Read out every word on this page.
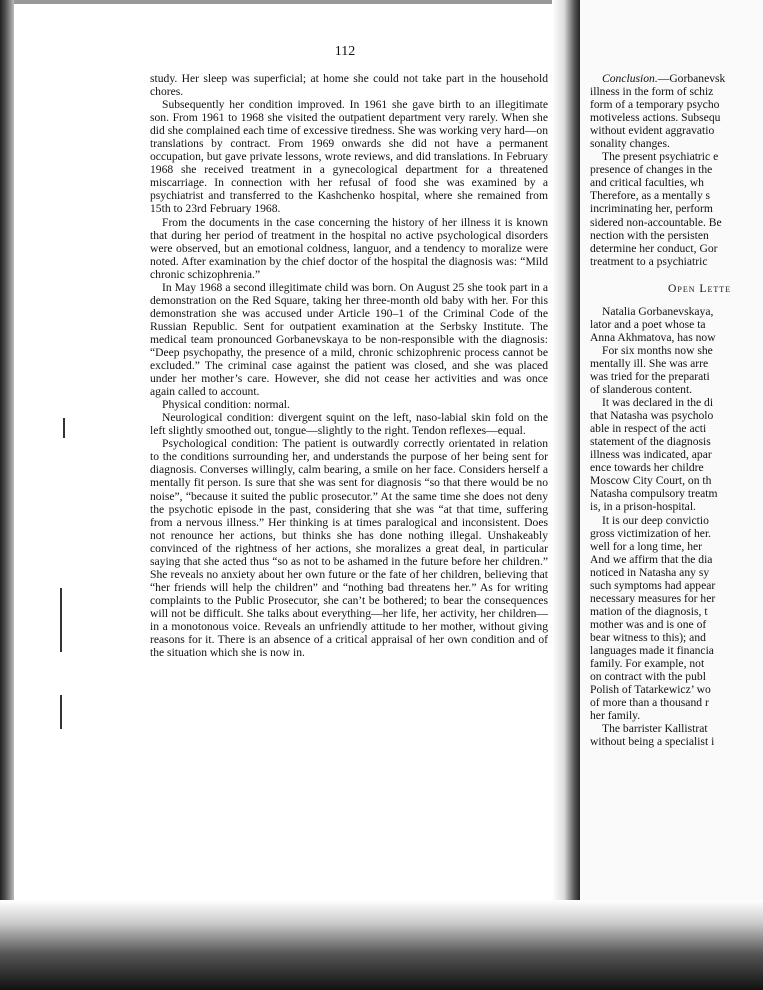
112

study. Her sleep was superficial; at home she could not take part in the household chores.

Subsequently her condition improved. In 1961 she gave birth to an illegitimate son. From 1961 to 1968 she visited the outpatient department very rarely. When she did she complained each time of excessive tiredness. She was working very hard—on translations by contract. From 1969 onwards she did not have a permanent occupation, but gave private lessons, wrote reviews, and did translations. In February 1968 she received treatment in a gynecological department for a threatened miscarriage. In connection with her refusal of food she was examined by a psychiatrist and transferred to the Kashchenko hospital, where she remained from 15th to 23rd February 1968.

From the documents in the case concerning the history of her illness it is known that during her period of treatment in the hospital no active psychological disorders were observed, but an emotional coldness, languor, and a tendency to moralize were noted. After examination by the chief doctor of the hospital the diagnosis was: “Mild chronic schizophrenia.”

In May 1968 a second illegitimate child was born. On August 25 she took part in a demonstration on the Red Square, taking her three-month old baby with her. For this demonstration she was accused under Article 190–1 of the Criminal Code of the Russian Republic. Sent for outpatient examination at the Serbsky Institute. The medical team pronounced Gorbanevskaya to be non-responsible with the diagnosis: “Deep psychopathy, the presence of a mild, chronic schizophrenic process cannot be excluded.” The criminal case against the patient was closed, and she was placed under her mother’s care. However, she did not cease her activities and was once again called to account.

Physical condition: normal.

Neurological condition: divergent squint on the left, naso-labial skin fold on the left slightly smoothed out, tongue—slightly to the right. Tendon reflexes—equal.

Psychological condition: The patient is outwardly correctly orientated in relation to the conditions surrounding her, and understands the purpose of her being sent for diagnosis. Converses willingly, calm bearing, a smile on her face. Considers herself a mentally fit person. Is sure that she was sent for diagnosis “so that there would be no noise”, “because it suited the public prosecutor.” At the same time she does not deny the psychotic episode in the past, considering that she was “at that time, suffering from a nervous illness.” Her thinking is at times paralogical and inconsistent. Does not renounce her actions, but thinks she has done nothing illegal. Unshakeably convinced of the rightness of her actions, she moralizes a great deal, in particular saying that she acted thus “so as not to be ashamed in the future before her children.” She reveals no anxiety about her own future or the fate of her children, believing that “her friends will help the children” and “nothing bad threatens her.” As for writing complaints to the Public Prosecutor, she can’t be bothered; to bear the consequences will not be difficult. She talks about everything—her life, her activity, her children—in a monotonous voice. Reveals an unfriendly attitude to her mother, without giving reasons for it. There is an absence of a critical appraisal of her own condition and of the situation which she is now in.

Conclusion.—Gorbanevsk
illness in the form of schiz
form of a temporary psycho
motiveless actions. Subsequ
without evident aggravatio
sonality changes.
The present psychiatric e
presence of changes in the
and critical faculties, wh
Therefore, as a mentally s
incriminating her, perform
sidered non-accountable. Be
nection with the persisten
determine her conduct, Gor
treatment to a psychiatric
Open Lette
Natalia Gorbanevskaya,
lator and a poet whose ta
Anna Akhmatova, has now
For six months now she
mentally ill. She was arre
was tried for the preparati
of slanderous content.
It was declared in the di
that Natasha was psycholo
able in respect of the acti
statement of the diagnosis
illness was indicated, apar
ence towards her childre
Moscow City Court, on th
Natasha compulsory treatm
is, in a prison-hospital.
It is our deep convictio
gross victimization of her.
well for a long time, her
And we affirm that the dia
noticed in Natasha any sy
such symptoms had appear
necessary measures for her
mation of the diagnosis, t
mother was and is one of
bear witness to this); and
languages made it financia
family. For example, not
on contract with the publ
Polish of Tatarkewicz’ wo
of more than a thousand r
her family.
The barrister Kallistrat
without being a specialist i
